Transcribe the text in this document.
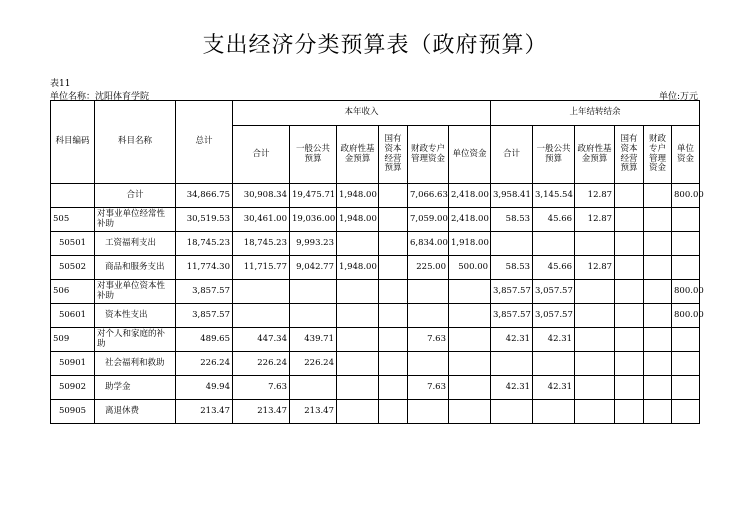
支出经济分类预算表（政府预算）
表11
单位名称：沈阳体育学院	单位:万元
科目编码	科目名称	总计	本年收入						上年结转结余					
			合计	一般公共预算	政府性基金预算	国有资本经营预算	财政专户管理资金	单位资金	合计	一般公共预算	政府性基金预算	国有资本经营预算	财政专户管理资金	单位资金
	合计	34,866.75	30,908.34	19,475.71	1,948.00		7,066.63	2,418.00	3,958.41	3,145.54	12.87			800.00
505	对事业单位经常性补助	30,519.53	30,461.00	19,036.00	1,948.00		7,059.00	2,418.00	58.53	45.66	12.87			
50501	工资福利支出	18,745.23	18,745.23	9,993.23			6,834.00	1,918.00						
50502	商品和服务支出	11,774.30	11,715.77	9,042.77	1,948.00		225.00	500.00	58.53	45.66	12.87			
506	对事业单位资本性补助	3,857.57							3,857.57	3,057.57				800.00
50601	资本性支出	3,857.57							3,857.57	3,057.57				800.00
509	对个人和家庭的补助	489.65	447.34	439.71			7.63		42.31	42.31				
50901	社会福利和救助	226.24	226.24	226.24										
50902	助学金	49.94	7.63				7.63		42.31	42.31				
50905	离退休费	213.47	213.47	213.47										
